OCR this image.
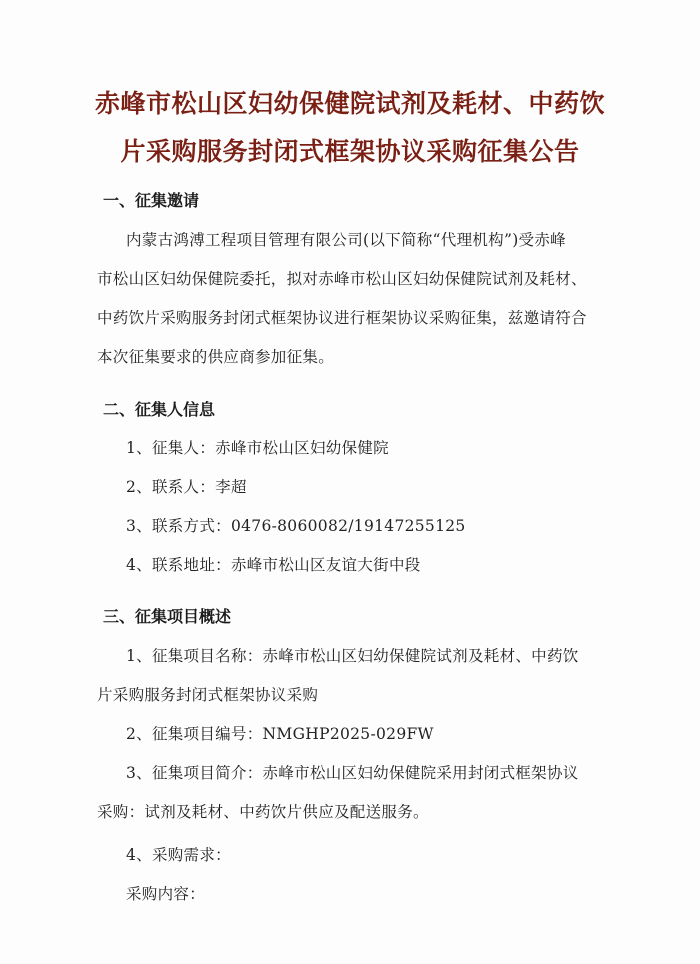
赤峰市松山区妇幼保健院试剂及耗材、中药饮
片采购服务封闭式框架协议采购征集公告
一、征集邀请
内蒙古鸿溥工程项目管理有限公司(以下简称“代理机构”)受赤峰
市松山区妇幼保健院委托，拟对赤峰市松山区妇幼保健院试剂及耗材、
中药饮片采购服务封闭式框架协议进行框架协议采购征集，兹邀请符合
本次征集要求的供应商参加征集。
二、征集人信息
1、征集人：赤峰市松山区妇幼保健院
2、联系人：李超
3、联系方式：0476-8060082/19147255125
4、联系地址：赤峰市松山区友谊大街中段
三、征集项目概述
1、征集项目名称：赤峰市松山区妇幼保健院试剂及耗材、中药饮
片采购服务封闭式框架协议采购
2、征集项目编号：NMGHP2025-029FW
3、征集项目简介：赤峰市松山区妇幼保健院采用封闭式框架协议
采购：试剂及耗材、中药饮片供应及配送服务。
4、采购需求：
采购内容：
